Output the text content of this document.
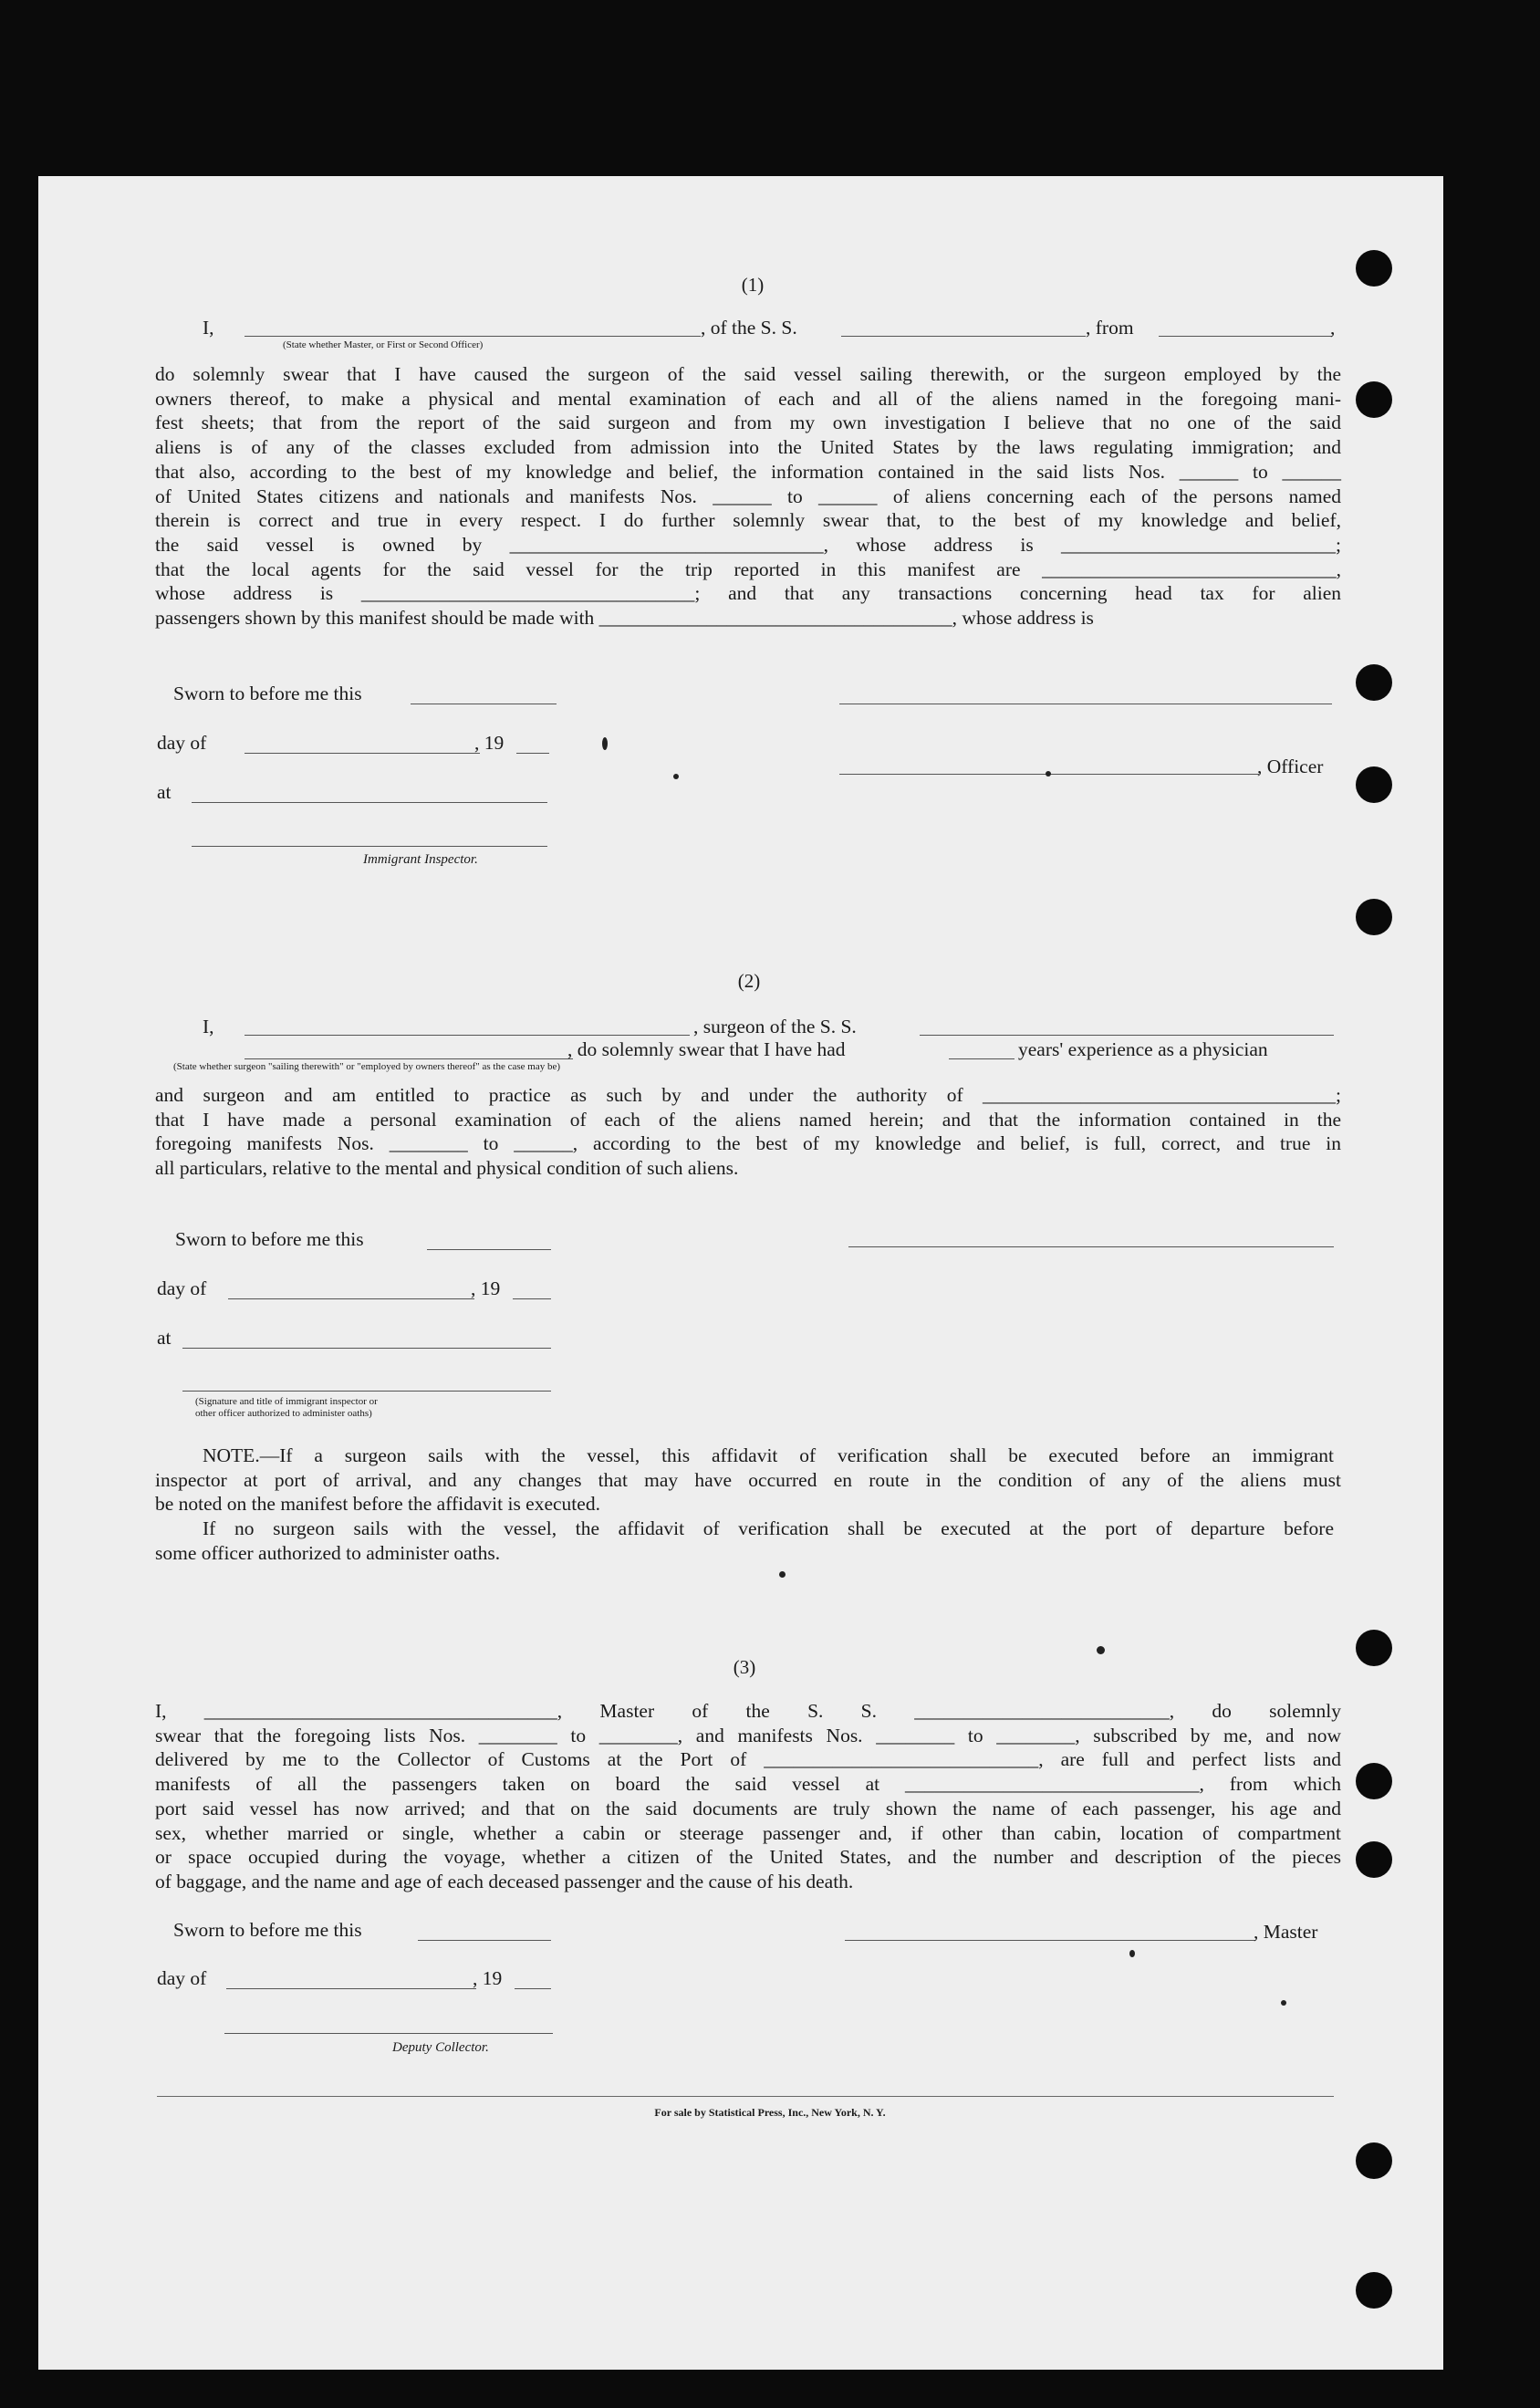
(1)
I,	, of the S. S.	, from	,
(State whether Master, or First or Second Officer)
do solemnly swear that I have caused the surgeon of the said vessel sailing therewith, or the surgeon employed by the
owners thereof, to make a physical and mental examination of each and all of the aliens named in the foregoing mani-
fest sheets; that from the report of the said surgeon and from my own investigation I believe that no one of the said
aliens is of any of the classes excluded from admission into the United States by the laws regulating immigration; and
that also, according to the best of my knowledge and belief, the information contained in the said lists Nos. ______ to ______
of United States citizens and nationals and manifests Nos. ______ to ______ of aliens concerning each of the persons named
therein is correct and true in every respect. I do further solemnly swear that, to the best of my knowledge and belief,
the said vessel is owned by ________________________________, whose address is ____________________________;
that the local agents for the said vessel for the trip reported in this manifest are ______________________________,
whose address is __________________________________; and that any transactions concerning head tax for alien
passengers shown by this manifest should be made with ____________________________________, whose address is
Sworn to before me this
day of	, 19
, Officer
at
Immigrant Inspector.
(2)
I,	, surgeon of the S. S.
, do solemnly swear that I have had	years' experience as a physician
(State whether surgeon "sailing therewith" or "employed by owners thereof" as the case may be)
and surgeon and am entitled to practice as such by and under the authority of ____________________________________;
that I have made a personal examination of each of the aliens named herein; and that the information contained in the
foregoing manifests Nos. ________ to ______, according to the best of my knowledge and belief, is full, correct, and true in
all particulars, relative to the mental and physical condition of such aliens.
Sworn to before me this
day of	, 19
at
(Signature and title of immigrant inspector or
other officer authorized to administer oaths)
NOTE.—If a surgeon sails with the vessel, this affidavit of verification shall be executed before an immigrant
inspector at port of arrival, and any changes that may have occurred en route in the condition of any of the aliens must
be noted on the manifest before the affidavit is executed.
If no surgeon sails with the vessel, the affidavit of verification shall be executed at the port of departure before
some officer authorized to administer oaths.
(3)
I, ____________________________________, Master of the S. S. __________________________, do solemnly
swear that the foregoing lists Nos. ________ to ________, and manifests Nos. ________ to ________, subscribed by me, and now
delivered by me to the Collector of Customs at the Port of ____________________________, are full and perfect lists and
manifests of all the passengers taken on board the said vessel at ______________________________, from which
port said vessel has now arrived; and that on the said documents are truly shown the name of each passenger, his age and
sex, whether married or single, whether a cabin or steerage passenger and, if other than cabin, location of compartment
or space occupied during the voyage, whether a citizen of the United States, and the number and description of the pieces
of baggage, and the name and age of each deceased passenger and the cause of his death.
Sworn to before me this	, Master
day of	, 19
Deputy Collector.
For sale by Statistical Press, Inc., New York, N. Y.
